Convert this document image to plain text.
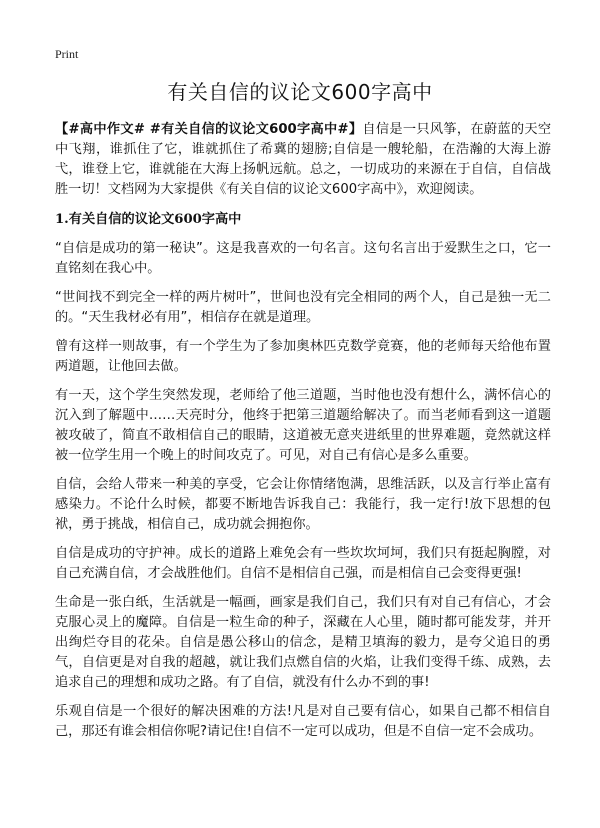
Print
有关自信的议论文600字高中

【#高中作文# #有关自信的议论文600字高中#】自信是一只风筝，在蔚蓝的天空中飞翔，谁抓住了它，谁就抓住了希冀的翅膀;自信是一艘轮船，在浩瀚的大海上游弋，谁登上它，谁就能在大海上扬帆远航。总之，一切成功的来源在于自信，自信战胜一切！文档网为大家提供《有关自信的议论文600字高中》，欢迎阅读。

1.有关自信的议论文600字高中

“自信是成功的第一秘诀”。这是我喜欢的一句名言。这句名言出于爱默生之口，它一直铭刻在我心中。

“世间找不到完全一样的两片树叶”，世间也没有完全相同的两个人，自己是独一无二的。“天生我材必有用”，相信存在就是道理。

曾有这样一则故事，有一个学生为了参加奥林匹克数学竟赛，他的老师每天给他布置两道题，让他回去做。

有一天，这个学生突然发现，老师给了他三道题，当时他也没有想什么，满怀信心的沉入到了解题中……天亮时分，他终于把第三道题给解决了。而当老师看到这一道题被攻破了，简直不敢相信自己的眼睛，这道被无意夹进纸里的世界难题，竟然就这样被一位学生用一个晚上的时间攻克了。可见，对自己有信心是多么重要。

自信，会给人带来一种美的享受，它会让你情绪饱满，思维活跃，以及言行举止富有感染力。不论什么时候，都要不断地告诉我自己：我能行，我一定行!放下思想的包袱，勇于挑战，相信自己，成功就会拥抱你。

自信是成功的守护神。成长的道路上难免会有一些坎坎坷坷，我们只有挺起胸膛，对自己充满自信，才会战胜他们。自信不是相信自己强，而是相信自己会变得更强!

生命是一张白纸，生活就是一幅画，画家是我们自己，我们只有对自己有信心，才会克服心灵上的魔障。自信是一粒生命的种子，深藏在人心里，随时都可能发芽，并开出绚烂夺目的花朵。自信是愚公移山的信念，是精卫填海的毅力，是夸父追日的勇气，自信更是对自我的超越，就让我们点燃自信的火焰，让我们变得千练、成熟，去追求自己的理想和成功之路。有了自信，就没有什么办不到的事!

乐观自信是一个很好的解决困难的方法!凡是对自己要有信心，如果自己都不相信自己，那还有谁会相信你呢?请记住!自信不一定可以成功，但是不自信一定不会成功。
